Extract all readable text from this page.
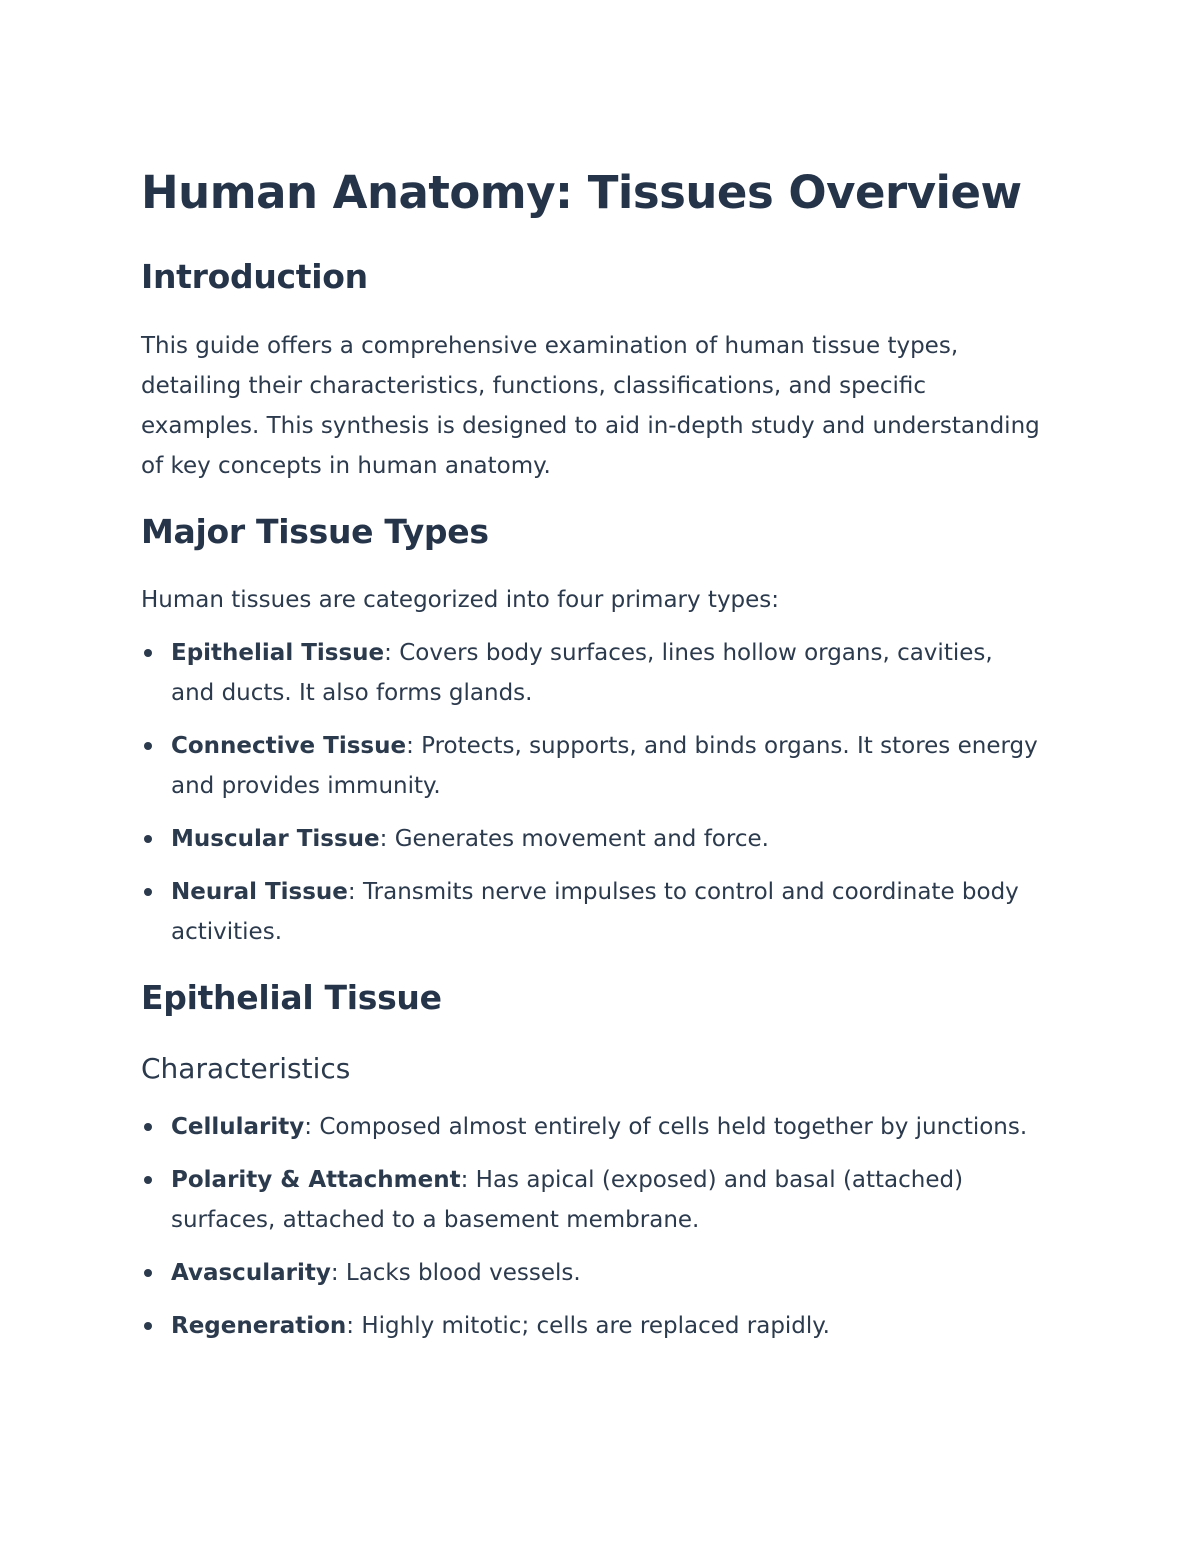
Human Anatomy: Tissues Overview
Introduction

This guide offers a comprehensive examination of human tissue types, detailing their characteristics, functions, classifications, and specific examples. This synthesis is designed to aid in-depth study and understanding of key concepts in human anatomy.

Major Tissue Types

Human tissues are categorized into four primary types:

Epithelial Tissue: Covers body surfaces, lines hollow organs, cavities, and ducts. It also forms glands.
Connective Tissue: Protects, supports, and binds organs. It stores energy and provides immunity.
Muscular Tissue: Generates movement and force.
Neural Tissue: Transmits nerve impulses to control and coordinate body activities.
Epithelial Tissue
Characteristics
Cellularity: Composed almost entirely of cells held together by junctions.
Polarity & Attachment: Has apical (exposed) and basal (attached) surfaces, attached to a basement membrane.
Avascularity: Lacks blood vessels.
Regeneration: Highly mitotic; cells are replaced rapidly.
